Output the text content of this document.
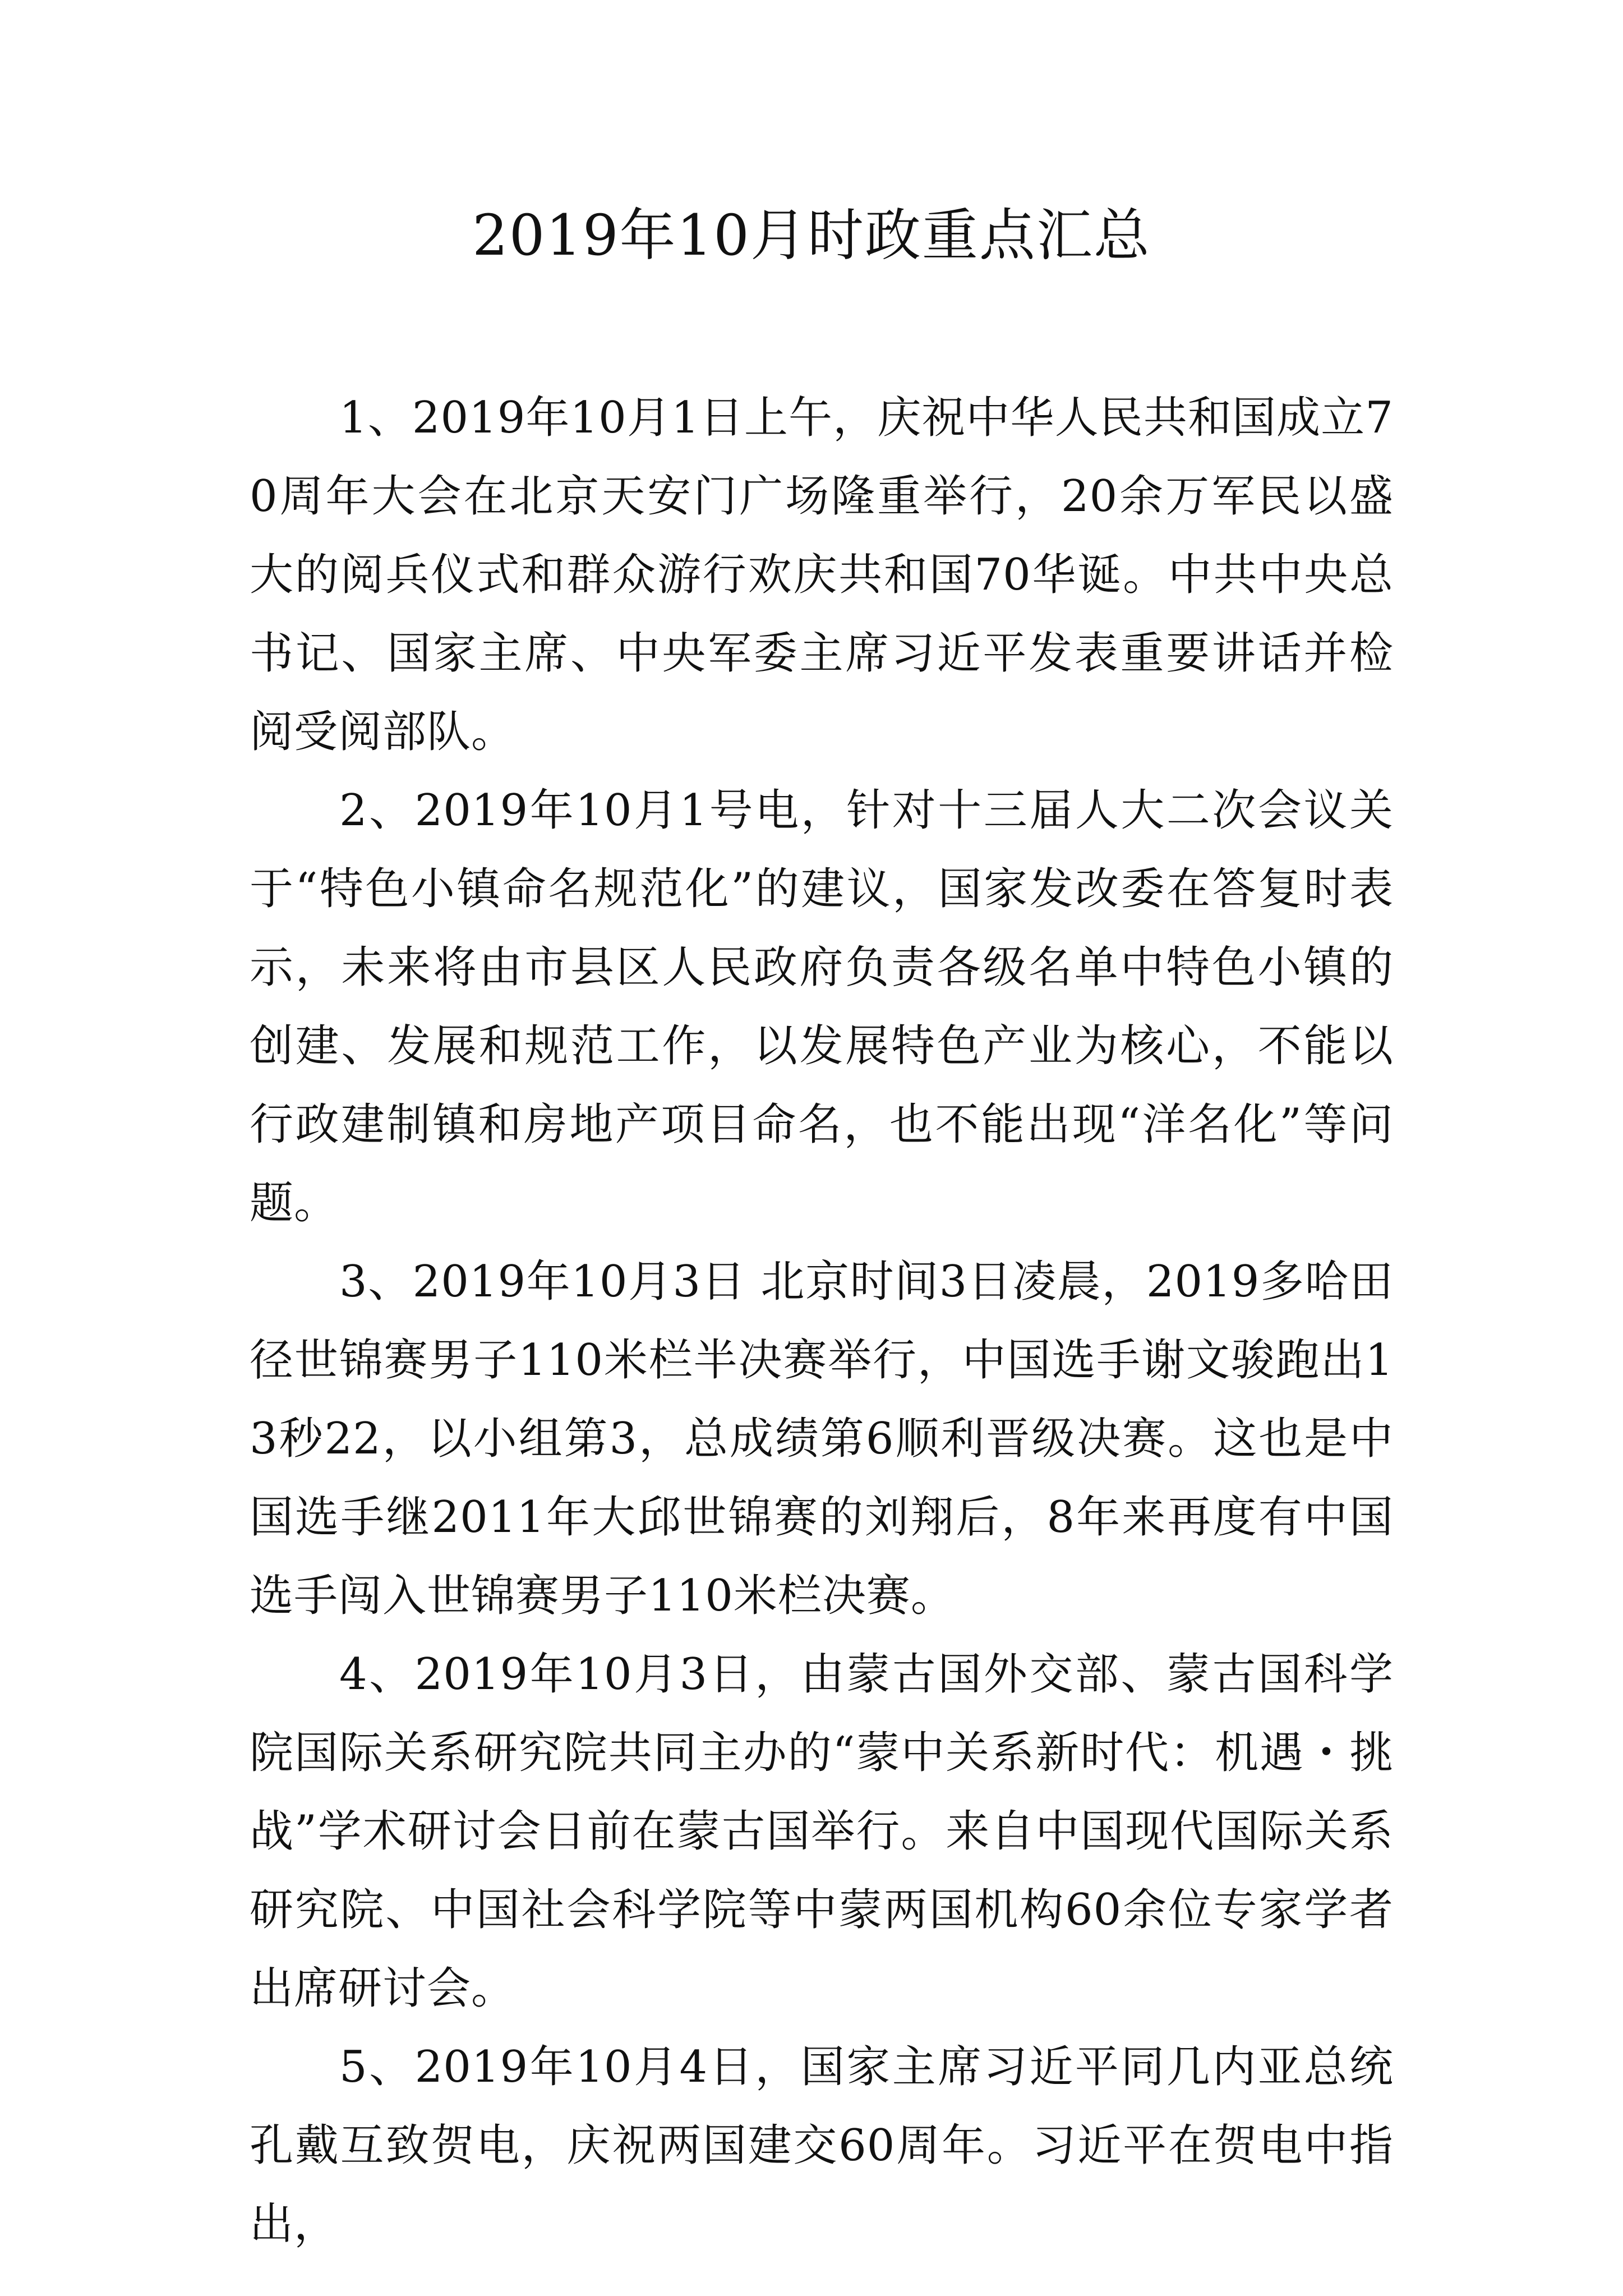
2019年10月时政重点汇总

1、2019年10月1日上午，庆祝中华人民共和国成立70周年大会在北京天安门广场隆重举行，20余万军民以盛大的阅兵仪式和群众游行欢庆共和国70华诞。中共中央总书记、国家主席、中央军委主席习近平发表重要讲话并检阅受阅部队。

2、2019年10月1号电，针对十三届人大二次会议关于“特色小镇命名规范化”的建议，国家发改委在答复时表示，未来将由市县区人民政府负责各级名单中特色小镇的创建、发展和规范工作，以发展特色产业为核心，不能以行政建制镇和房地产项目命名，也不能出现“洋名化”等问题。

3、2019年10月3日 北京时间3日凌晨，2019多哈田径世锦赛男子110米栏半决赛举行，中国选手谢文骏跑出13秒22，以小组第3，总成绩第6顺利晋级决赛。这也是中国选手继2011年大邱世锦赛的刘翔后，8年来再度有中国选手闯入世锦赛男子110米栏决赛。

4、2019年10月3日，由蒙古国外交部、蒙古国科学院国际关系研究院共同主办的“蒙中关系新时代：机遇・挑战”学术研讨会日前在蒙古国举行。来自中国现代国际关系研究院、中国社会科学院等中蒙两国机构60余位专家学者出席研讨会。

5、2019年10月4日，国家主席习近平同几内亚总统孔戴互致贺电，庆祝两国建交60周年。习近平在贺电中指出，
